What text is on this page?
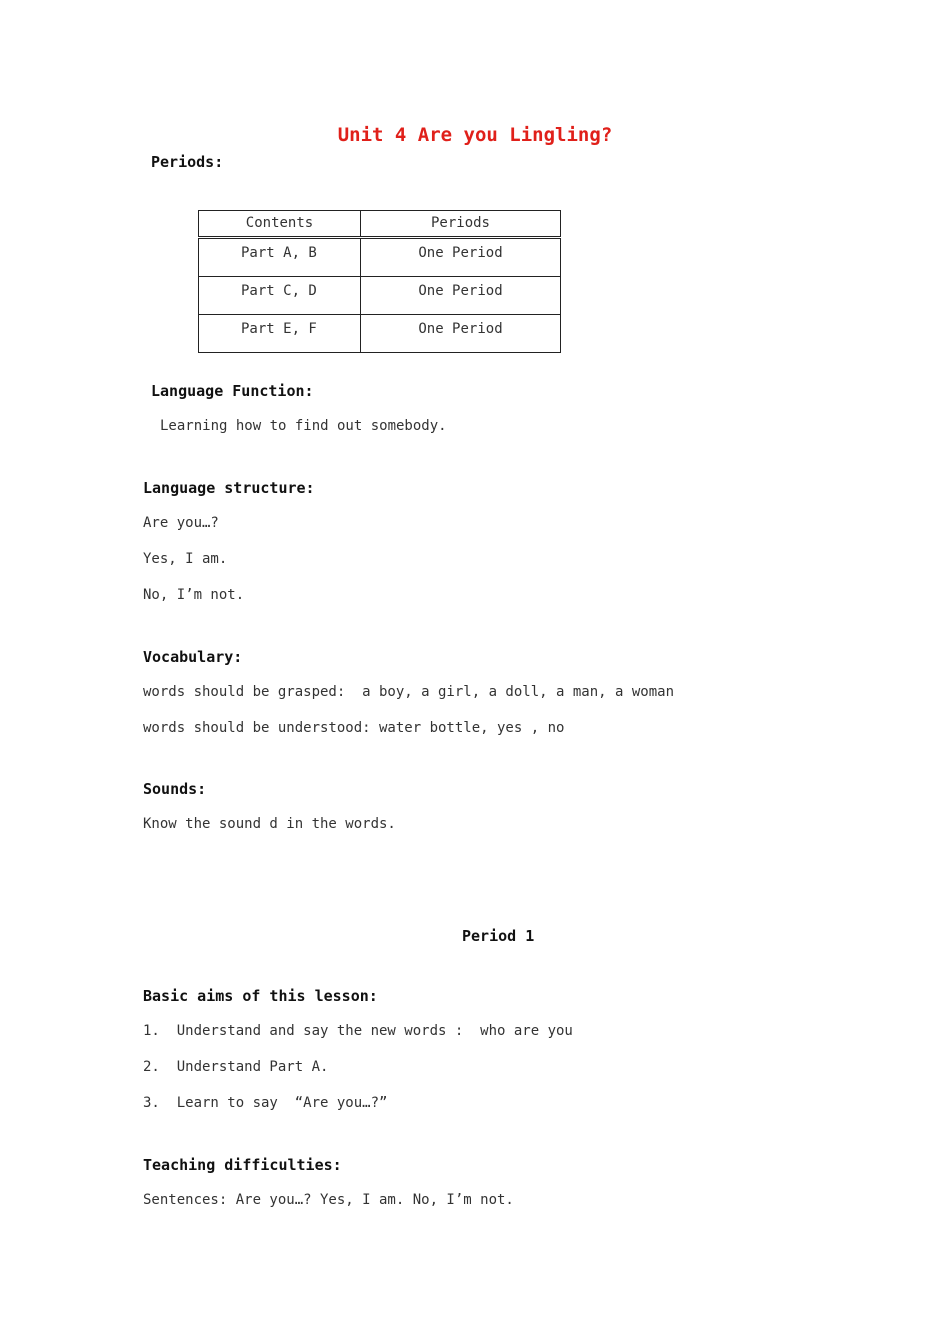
Unit 4 Are you Lingling?
Periods:
Contents	Periods
Part A, B	One Period
Part C, D	One Period
Part E, F	One Period
Language Function:
Learning how to find out somebody.
Language structure:
Are you…?
Yes, I am.
No, I’m not.
Vocabulary:
words should be grasped:  a boy, a girl, a doll, a man, a woman
words should be understood: water bottle, yes , no
Sounds:
Know the sound d in the words.
Period 1
Basic aims of this lesson:
1.  Understand and say the new words :  who are you
2.  Understand Part A.
3.  Learn to say  “Are you…?”
Teaching difficulties:
Sentences: Are you…? Yes, I am. No, I’m not.
